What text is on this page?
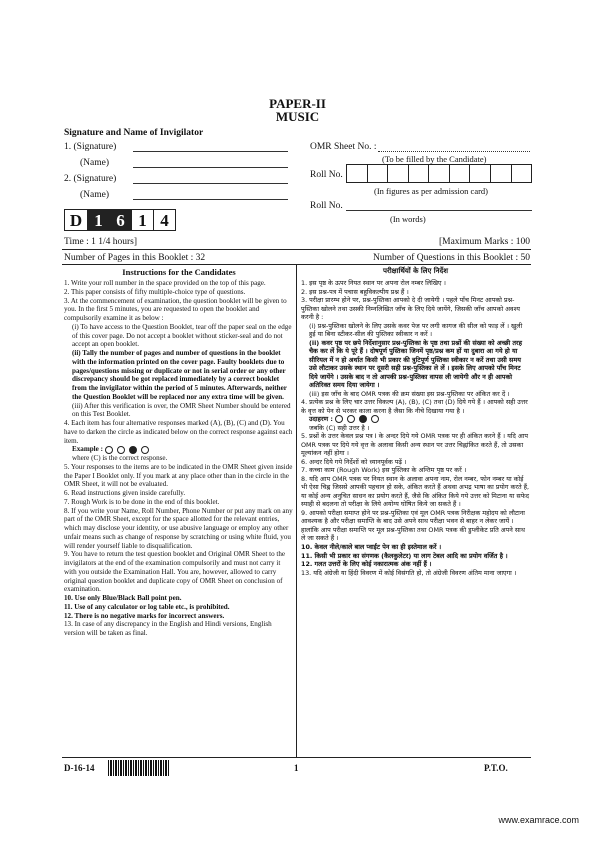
PAPER-II
MUSIC
Signature and Name of Invigilator
1. (Signature)
(Name)
2. (Signature)
(Name)
OMR Sheet No. :
(To be filled by the Candidate)
Roll No.
(In figures as per admission card)
Roll No.
(In words)
D 1 6 1 4
Time : 1 1/4 hours]	[Maximum Marks : 100
Number of Pages in this Booklet : 32	Number of Questions in this Booklet : 50
Instructions for the Candidates	परीक्षार्थियों के लिए निर्देश
1. Write your roll number in the space provided on the top of this page.
2. This paper consists of fifty multiple-choice type of questions.
3. At the commencement of examination, the question booklet will be given to you. In the first 5 minutes, you are requested to open the booklet and compulsorily examine it as below :
(i) To have access to the Question Booklet, tear off the paper seal on the edge of this cover page. Do not accept a booklet without sticker-seal and do not accept an open booklet.
(ii) Tally the number of pages and number of questions in the booklet with the information printed on the cover page. Faulty booklets due to pages/questions missing or duplicate or not in serial order or any other discrepancy should be got replaced immediately by a correct booklet from the invigilator within the period of 5 minutes. Afterwards, neither the Question Booklet will be replaced nor any extra time will be given.
(iii) After this verification is over, the OMR Sheet Number should be entered on this Test Booklet.
4. Each item has four alternative responses marked (A), (B), (C) and (D). You have to darken the circle as indicated below on the correct response against each item.
Example :
where (C) is the correct response.
5. Your responses to the items are to be indicated in the OMR Sheet given inside the Paper I Booklet only. If you mark at any place other than in the circle in the OMR Sheet, it will not be evaluated.
6. Read instructions given inside carefully.
7. Rough Work is to be done in the end of this booklet.
8. If you write your Name, Roll Number, Phone Number or put any mark on any part of the OMR Sheet, except for the space allotted for the relevant entries, which may disclose your identity, or use abusive language or employ any other unfair means such as change of response by scratching or using white fluid, you will render yourself liable to disqualification.
9. You have to return the test question booklet and Original OMR Sheet to the invigilators at the end of the examination compulsorily and must not carry it with you outside the Examination Hall. You are, however, allowed to carry original question booklet and duplicate copy of OMR Sheet on conclusion of examination.
10. Use only Blue/Black Ball point pen.
11. Use of any calculator or log table etc., is prohibited.
12. There is no negative marks for incorrect answers.
13. In case of any discrepancy in the English and Hindi versions, English version will be taken as final.
1. इस पृष्ठ के ऊपर नियत स्थान पर अपना रोल नम्बर लिखिए ।
2. इस प्रश्न-पत्र में पचास बहुविकल्पीय प्रश्न हैं ।
3. परीक्षा प्रारम्भ होने पर, प्रश्न-पुस्तिका आपको दे दी जायेगी । पहले पाँच मिनट आपको प्रश्न-पुस्तिका खोलने तथा उसकी निम्नलिखित जाँच के लिए दिये जायेंगे, जिसकी जाँच आपको अवश्य करनी है :
(i) प्रश्न-पुस्तिका खोलने के लिए उसके कवर पेज पर लगी कागज की सील को फाड़ लें । खुली हुई या बिना स्टीकर-सील की पुस्तिका स्वीकार न करें ।
(ii) कवर पृष्ठ पर छपे निर्देशानुसार प्रश्न-पुस्तिका के पृष्ठ तथा प्रश्नों की संख्या को अच्छी तरह चैक कर लें कि ये पूरे हैं । दोषपूर्ण पुस्तिका जिनमें पृष्ठ/प्रश्न कम हों या दुबारा आ गये हो या सीरियल में न हो अर्थात किसी भी प्रकार की त्रुटिपूर्ण पुस्तिका स्वीकार न करें तथा उसी समय उसे लौटाकर उसके स्थान पर दूसरी सही प्रश्न-पुस्तिका ले लें । इसके लिए आपको पाँच मिनट दिये जायेंगे । उसके बाद न तो आपकी प्रश्न-पुस्तिका वापस ली जायेगी और न ही आपको अतिरिक्त समय दिया जायेगा ।
(iii) इस जाँच के बाद OMR पत्रक की क्रम संख्या इस प्रश्न-पुस्तिका पर अंकित कर दें ।
4. प्रत्येक प्रश्न के लिए चार उत्तर विकल्प (A), (B), (C) तथा (D) दिये गये हैं । आपको सही उत्तर के वृत्त को पेन से भरकर काला करना है जैसा कि नीचे दिखाया गया है ।
उदाहरण :
जबकि (C) सही उत्तर है ।
5. प्रश्नों के उत्तर केवल प्रश्न पत्र I के अन्दर दिये गये OMR पत्रक पर ही अंकित करने हैं । यदि आप OMR पत्रक पर दिये गये वृत्त के अलावा किसी अन्य स्थान पर उत्तर चिह्नांकित करते हैं, तो उसका मूल्यांकन नहीं होगा ।
6. अन्दर दिये गये निर्देशों को ध्यानपूर्वक पढ़ें ।
7. कच्चा काम (Rough Work) इस पुस्तिका के अन्तिम पृष्ठ पर करें ।
8. यदि आप OMR पत्रक पर नियत स्थान के अलावा अपना नाम, रोल नम्बर, फोन नम्बर या कोई भी ऐसा चिह्न जिससे आपकी पहचान हो सके, अंकित करते हैं अथवा अभद्र भाषा का प्रयोग करते हैं, या कोई अन्य अनुचित साधन का प्रयोग करते हैं, जैसे कि अंकित किये गये उत्तर को मिटाना या सफेद स्याही से बदलना तो परीक्षा के लिये अयोग्य घोषित किये जा सकते हैं ।
9. आपको परीक्षा समाप्त होने पर प्रश्न-पुस्तिका एवं मूल OMR पत्रक निरीक्षक महोदय को लौटाना आवश्यक है और परीक्षा समाप्ति के बाद उसे अपने साथ परीक्षा भवन से बाहर न लेकर जायें । हालांकि आप परीक्षा समाप्ति पर मूल प्रश्न-पुस्तिका तथा OMR पत्रक की डुप्लीकेट प्रति अपने साथ ले जा सकते हैं ।
10. केवल नीले/काले बाल प्वाईंट पेन का ही इस्तेमाल करें ।
11. किसी भी प्रकार का संगणक (कैलकुलेटर) या लाग टेबल आदि का प्रयोग वर्जित है ।
12. गलत उत्तरों के लिए कोई नकारात्मक अंक नहीं हैं ।
13. यदि अंग्रेजी या हिंदी विवरण में कोई विसंगति हो, तो अंग्रेजी विवरण अंतिम माना जाएगा ।
D-16-14	1	P.T.O.
www.examrace.com
